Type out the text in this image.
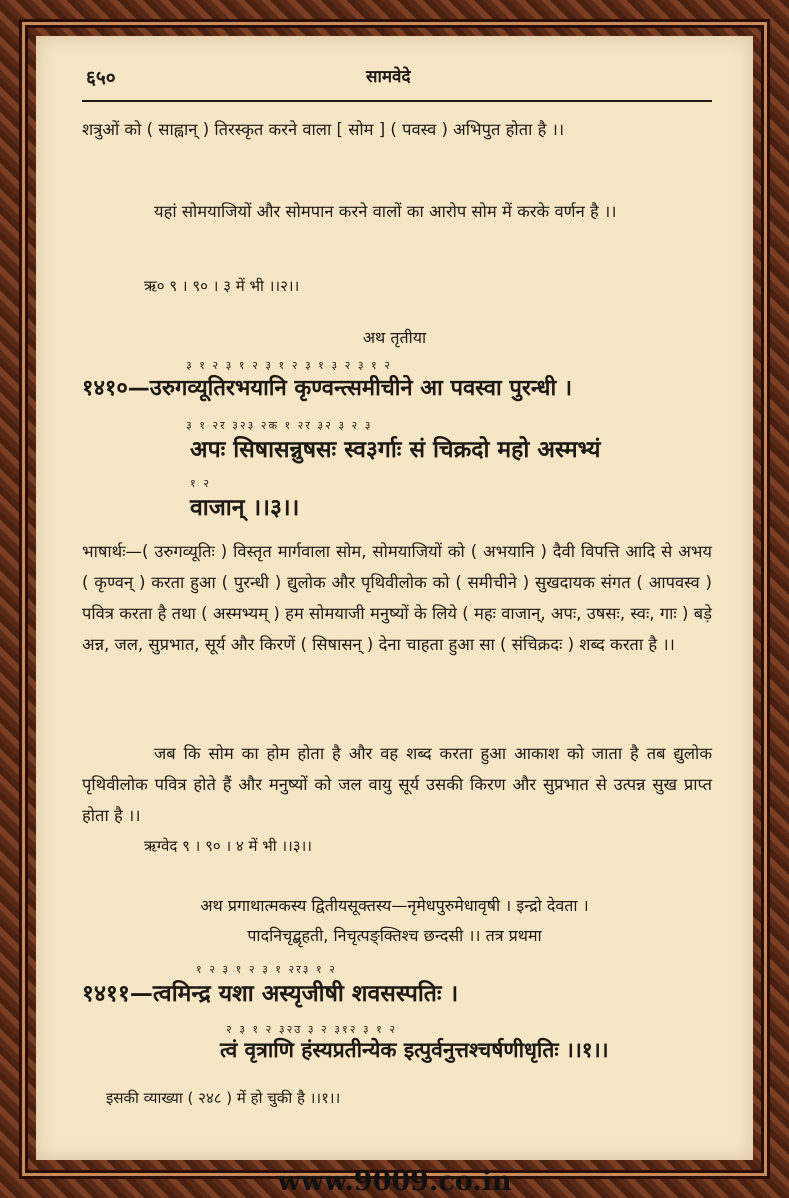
६५०	सामवेदे
शत्रुओं को ( साह्वान् ) तिरस्कृत करने वाला [ सोम ] ( पवस्व ) अभिपुत होता है ।।
यहां सोमयाजियों और सोमपान करने वालों का आरोप सोम में करके वर्णन है ।।
ऋ० ९ । ९० । ३ में भी ।।२।।
अथ तृतीया
३ १ २ ३ १ २ ३ १ २ ३ १ ३ २ ३ १ २
१४१०—उरुगव्यूतिरभयानि कृण्वन्त्समीचीने आ पवस्वा पुरन्धी ।
३ १ २र ३२३ २क १ २र ३२ ३ २ ३
अपः सिषासन्नुषसः स्व३र्गाः सं चिक्रदो महो अस्मभ्यं
१ २
वाजान् ।।३।।
भाषार्थः—( उरुगव्यूतिः ) विस्तृत मार्गवाला सोम, सोमयाजियों को ( अभयानि ) दैवी विपत्ति आदि से अभय ( कृण्वन् ) करता हुआ ( पुरन्धी ) द्युलोक और पृथिवीलोक को ( समीचीने ) सुखदायक संगत ( आपवस्व ) पवित्र करता है तथा ( अस्मभ्यम् ) हम सोमयाजी मनुष्यों के लिये ( महः वाजान्, अपः, उषसः, स्वः, गाः ) बड़े अन्न, जल, सुप्रभात, सूर्य और किरणें ( सिषासन् ) देना चाहता हुआ सा ( संचिक्रदः ) शब्द करता है ।।
जब कि सोम का होम होता है और वह शब्द करता हुआ आकाश को जाता है तब द्युलोक पृथिवीलोक पवित्र होते हैं और मनुष्यों को जल वायु सूर्य उसकी किरण और सुप्रभात से उत्पन्न सुख प्राप्त होता है ।।
ऋग्वेद ९ । ९० । ४ में भी ।।३।।
अथ प्रगाथात्मकस्य द्वितीयसूक्तस्य—नृमेधपुरुमेधावृषी । इन्द्रो देवता ।
पादनिचृद्बृहती, निचृत्पङ्क्तिश्च छन्दसी ।। तत्र प्रथमा
१ २ ३ १ २ ३ १ २र३ १ २
१४११—त्वमिन्द्र यशा अस्यृजीषी शवसस्पतिः ।
२ ३ १ २ ३२उ ३ २ ३१२ ३ १ २
त्वं वृत्राणि हंस्यप्रतीन्येक इत्पुर्वनुत्तश्चर्षणीधृतिः ।।१।।
इसकी व्याख्या ( २४८ ) में हो चुकी है ।।१।।
www.9009.co.in
